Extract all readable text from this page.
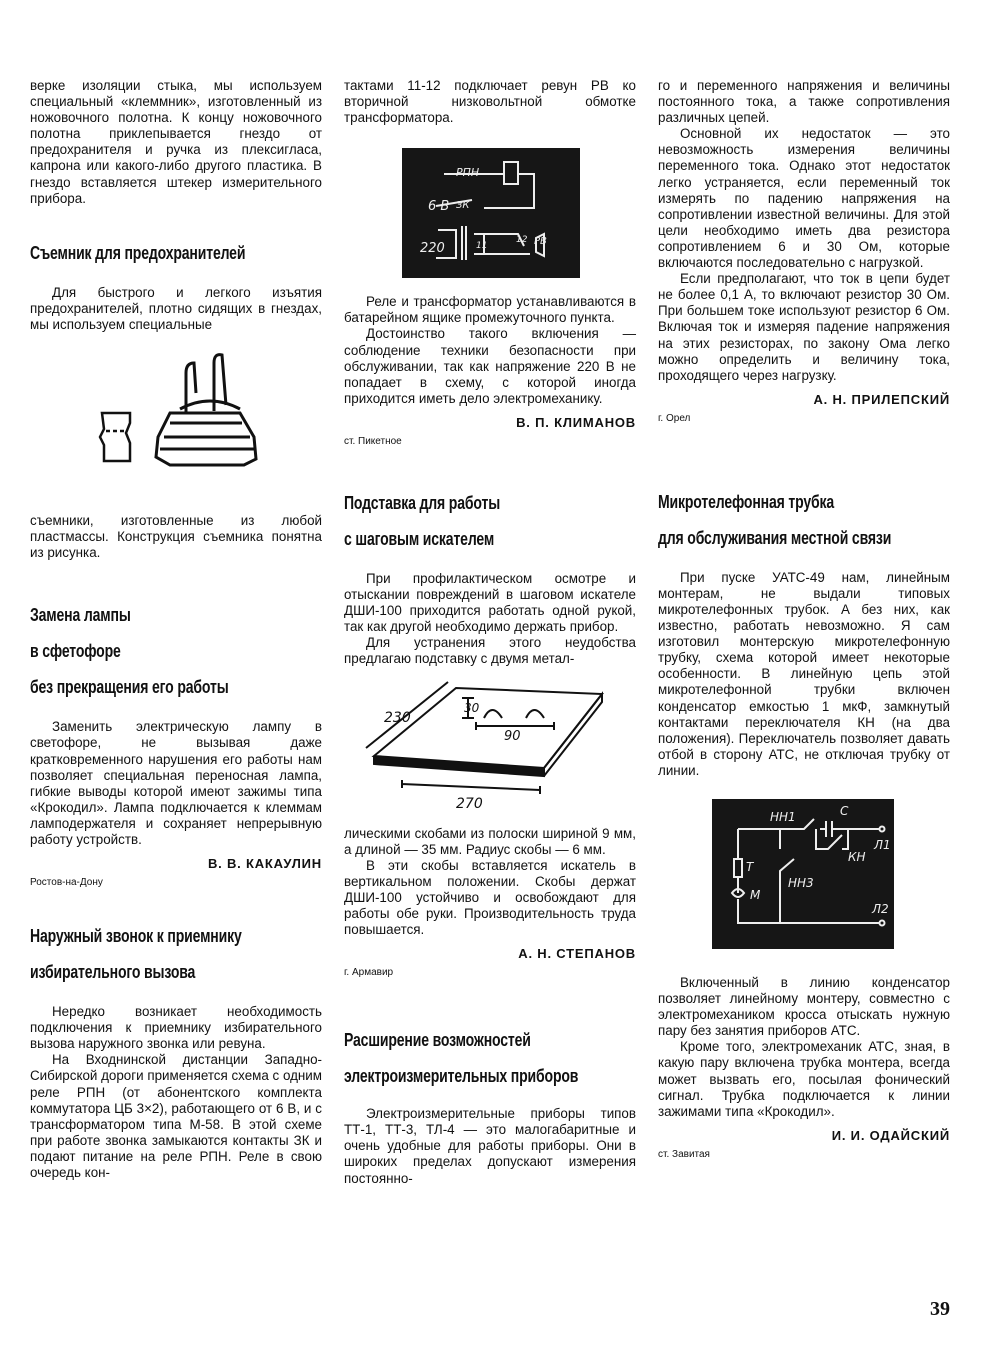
верке изоляции стыка, мы используем специальный «клеммник», изготовленный из ножовочного полотна. К концу ножовочного полотна приклепывается гнездо от предохранителя и ручка из плексигласа, капрона или какого-либо другого пластика. В гнездо вставляется штекер измерительного прибора.

Съемник для предохранителей

Для быстрого и легкого изъятия предохранителей, плотно сидящих в гнездах, мы используем специальные

съемники, изготовленные из любой пластмассы. Конструкция съемника понятна из рисунка.

Замена лампы
в сфетофоре
без прекращения его работы

Заменить электрическую лампу в светофоре, не вызывая даже кратковременного нарушения его работы нам позволяет специальная переносная лампа, гибкие выводы которой имеют зажимы типа «Крокодил». Лампа подключается к клеммам ламподержателя и сохраняет непрерывную работу устройств.

В. В. КАКАУЛИН
Ростов-на-Дону
Наружный звонок к приемнику
избирательного вызова

Нередко возникает необходимость подключения к приемнику избирательного вызова наружного звонка или ревуна.

На Входнинской дистанции Западно-Сибирской дороги применяется схема с одним реле РПН (от абонентского комплекта коммутатора ЦБ 3×2), работающего от 6 В, и с трансформатором типа М-58. В этой схеме при работе звонка замыкаются контакты ЗК и подают питание на реле РПН. Реле в свою очередь кон-

тактами 11-12 подключает ревун РВ ко вторичной низковольтной обмотке трансформатора.

РПН
6 В ЗК
220	11
12 РВ

Реле и трансформатор устанавливаются в батарейном ящике промежуточного пункта.

Достоинство такого включения — соблюдение техники безопасности при обслуживании, так как напряжение 220 В не попадает в схему, с которой иногда приходится иметь дело электромеханику.

В. П. КЛИМАНОВ
ст. Пикетное
Подставка для работы
с шаговым искателем

При профилактическом осмотре и отыскании повреждений в шаговом искателе ДШИ-100 приходится работать одной рукой, так как другой необходимо держать прибор.

Для устранения этого неудобства предлагаю подставку с двумя метал-

30
90
230
270

лическими скобами из полоски шириной 9 мм, а длиной — 35 мм. Радиус скобы — 6 мм.

В эти скобы вставляется искатель в вертикальном положении. Скобы держат ДШИ-100 устойчиво и освобождают для работы обе руки. Производительность труда повышается.

А. Н. СТЕПАНОВ
г. Армавир
Расширение возможностей
электроизмерительных приборов

Электроизмерительные приборы типов ТТ-1, ТТ-3, ТЛ-4 — это малогабаритные и очень удобные для работы приборы. Они в широких пределах допускают измерения постоянно-

го и переменного напряжения и величины постоянного тока, а также сопротивления различных цепей.

Основной их недостаток — это невозможность измерения величины переменного тока. Однако этот недостаток легко устраняется, если переменный ток измерять по падению напряжения на сопротивлении известной величины. Для этой цели необходимо иметь два резистора сопротивлением 6 и 30 Ом, которые включаются последовательно с нагрузкой.

Если предполагают, что ток в цепи будет не более 0,1 А, то включают резистор 30 Ом. При большем токе используют резистор 6 Ом. Включая ток и измеряя падение напряжения на этих резисторах, по закону Ома легко можно определить и величину тока, проходящего через нагрузку.

А. Н. ПРИЛЕПСКИЙ
г. Орел
Микротелефонная трубка
для обслуживания местной связи

При пуске УАТС-49 нам, линейным монтерам, не выдали типовых микротелефонных трубок. А без них, как известно, работать невозможно. Я сам изготовил монтерскую микротелефонную трубку, схема которой имеет некоторые особенности. В линейную цепь этой микротелефонной трубки включен конденсатор емкостью 1 мкФ, замкнутый контактами переключателя КН (на два положения). Переключатель позволяет давать отбой в сторону АТС, не отключая трубку от линии.

НН1	С
Л1
Т
КН
НН3
М
Л2

Включенный в линию конденсатор позволяет линейному монтеру, совместно с электромехаником кросса отыскать нужную пару без занятия приборов АТС.

Кроме того, электромеханик АТС, зная, в какую пару включена трубка монтера, всегда может вызвать его, посылая фонический сигнал. Трубка подключается к линии зажимами типа «Крокодил».

И. И. ОДАЙСКИЙ
ст. Завитая
39
